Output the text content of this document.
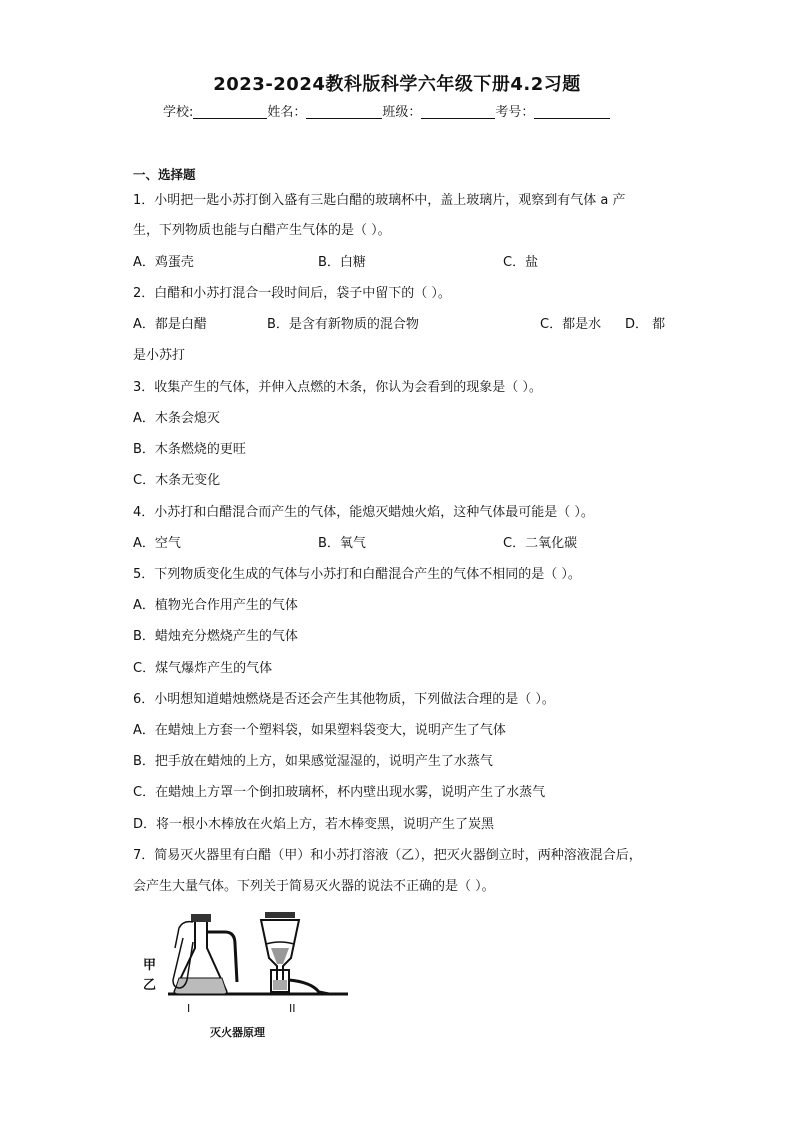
2023-2024教科版科学六年级下册4.2习题
学校:	姓名：	班级：	考号：
一、选择题
1．小明把一匙小苏打倒入盛有三匙白醋的玻璃杯中，盖上玻璃片，观察到有气体 a 产
生，下列物质也能与白醋产生气体的是（ ）。
A．鸡蛋壳	B．白糖	C．盐
2．白醋和小苏打混合一段时间后，袋子中留下的（ ）。
A．都是白醋	B．是含有新物质的混合物	C．都是水 D． 都
是小苏打
3．收集产生的气体，并伸入点燃的木条，你认为会看到的现象是（ ）。
A．木条会熄灭
B．木条燃烧的更旺
C．木条无变化
4．小苏打和白醋混合而产生的气体，能熄灭蜡烛火焰，这种气体最可能是（ ）。
A．空气	B．氧气	C．二氧化碳
5．下列物质变化生成的气体与小苏打和白醋混合产生的气体不相同的是（ ）。
A．植物光合作用产生的气体
B．蜡烛充分燃烧产生的气体
C．煤气爆炸产生的气体
6．小明想知道蜡烛燃烧是否还会产生其他物质，下列做法合理的是（ ）。
A．在蜡烛上方套一个塑料袋，如果塑料袋变大，说明产生了气体
B．把手放在蜡烛的上方，如果感觉湿湿的，说明产生了水蒸气
C．在蜡烛上方罩一个倒扣玻璃杯，杯内壁出现水雾，说明产生了水蒸气
D．将一根小木棒放在火焰上方，若木棒变黑，说明产生了炭黑
7．简易灭火器里有白醋（甲）和小苏打溶液（乙），把灭火器倒立时，两种溶液混合后，
会产生大量气体。下列关于简易灭火器的说法不正确的是（ ）。
甲
乙
I	II
灭火器原理
